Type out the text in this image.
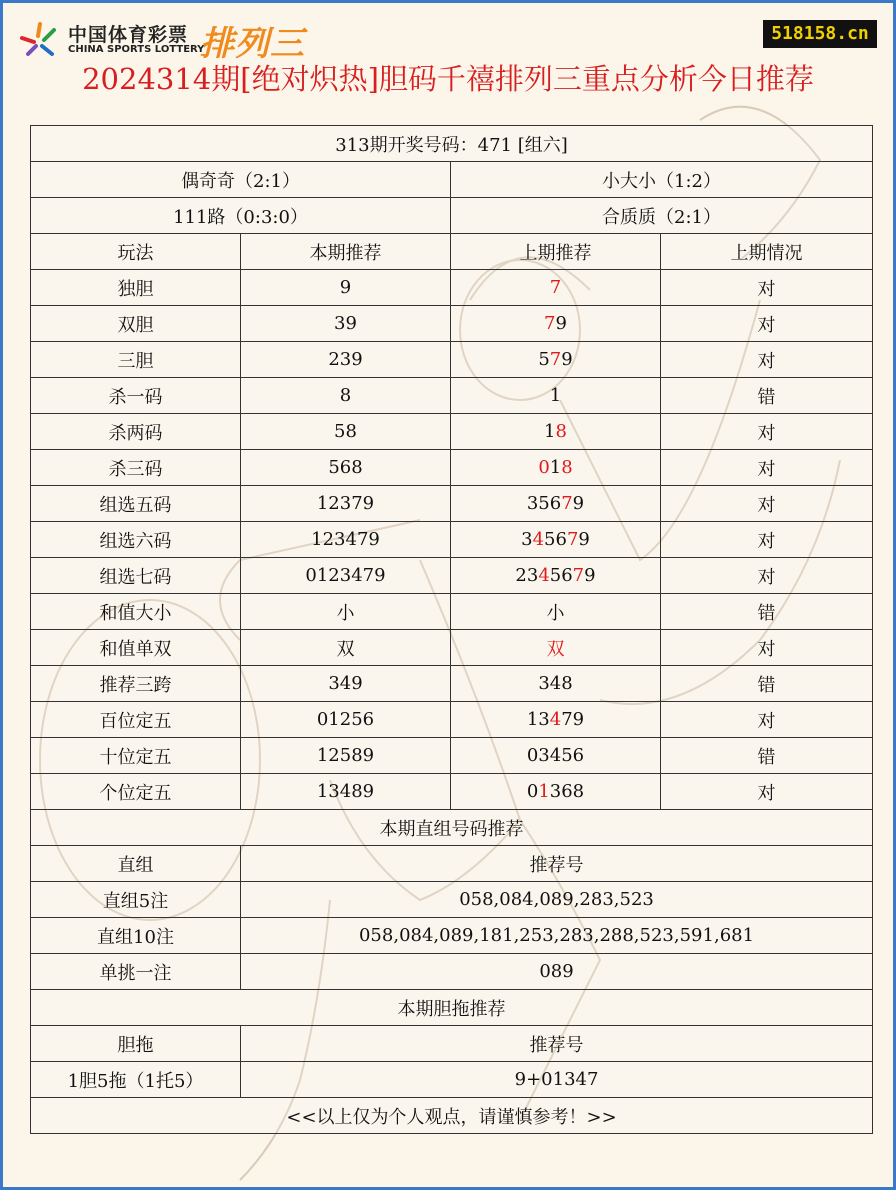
中国体育彩票
CHINA SPORTS LOTTERY
排列三	518158.cn
2024314期[绝对炽热]胆码千禧排列三重点分析今日推荐
313期开奖号码：471 [组六]			
偶奇奇（2:1）		小大小（1:2）	
111路（0:3:0）		合质质（2:1）	
玩法	本期推荐	上期推荐	上期情况
独胆	9	7	对
双胆	39	79	对
三胆	239	579	对
杀一码	8	1	错
杀两码	58	18	对
杀三码	568	018	对
组选五码	12379	35679	对
组选六码	123479	345679	对
组选七码	0123479	2345679	对
和值大小	小	小	错
和值单双	双	双	对
推荐三跨	349	348	错
百位定五	01256	13479	对
十位定五	12589	03456	错
个位定五	13489	01368	对
本期直组号码推荐			
直组	推荐号		
直组5注	058,084,089,283,523		
直组10注	058,084,089,181,253,283,288,523,591,681		
单挑一注	089		
本期胆拖推荐			
胆拖	推荐号		
1胆5拖（1托5）	9+01347		
<<以上仅为个人观点，请谨慎参考！>>			
